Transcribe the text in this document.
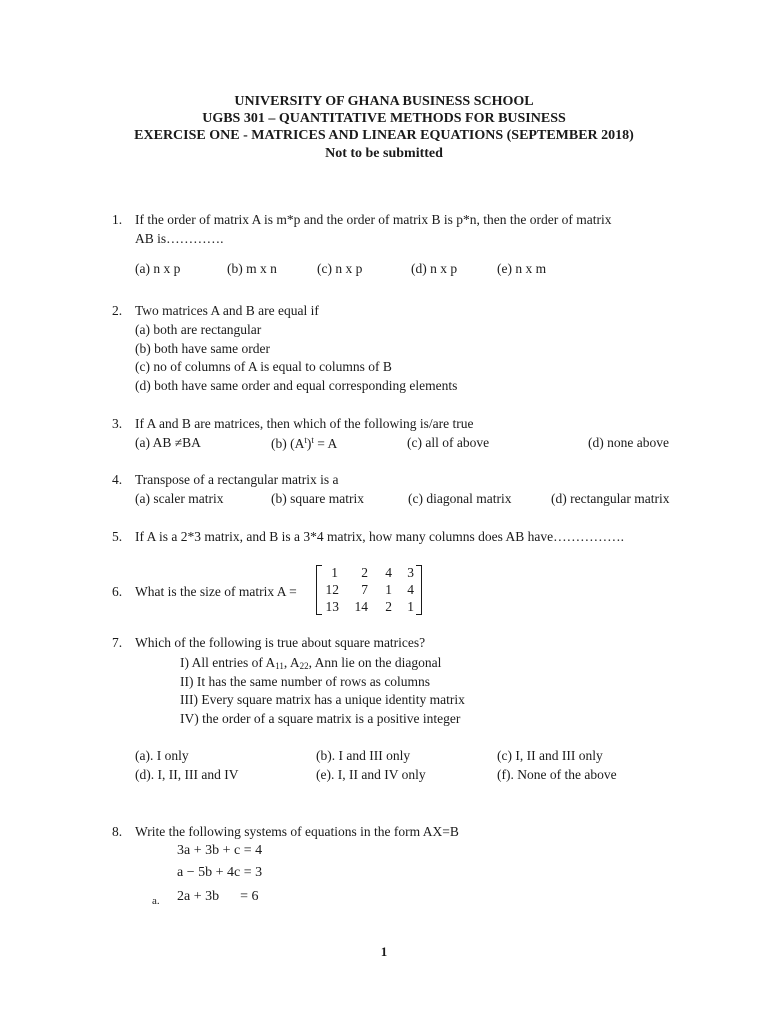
UNIVERSITY OF GHANA BUSINESS SCHOOL
UGBS 301 – QUANTITATIVE METHODS FOR BUSINESS
EXERCISE ONE - MATRICES AND LINEAR EQUATIONS (SEPTEMBER 2018)
Not to be submitted
1. If the order of matrix A is m*p and the order of matrix B is p*n, then the order of matrix
AB is………….
(a) n x p	(b) m x n	(c) n x p	(d) n x p	(e) n x m
2. Two matrices A and B are equal if
(a) both are rectangular
(b) both have same order
(c) no of columns of A is equal to columns of B
(d) both have same order and equal corresponding elements
3. If A and B are matrices, then which of the following is/are true
(a) AB ≠BA	(b) $(A^t)^t = A$	(c) all of above	(d) none above
4. Transpose of a rectangular matrix is a
(a) scaler matrix	(b) square matrix	(c) diagonal matrix	(d) rectangular matrix
5. If A is a 2*3 matrix, and B is a 3*4 matrix, how many columns does AB have…………….
6. What is the size of matrix A =
1	2	4	3
12	7	1	4
13	14	2	1
7. Which of the following is true about square matrices?
I) All entries of $A_{11}$, $A_{22}$, Ann lie on the diagonal
II) It has the same number of rows as columns
III) Every square matrix has a unique identity matrix
IV) the order of a square matrix is a positive integer
(a). I only	(b). I and III only	(c) I, II and III only
(d). I, II, III and IV	(e). I, II and IV only	(f). None of the above
8. Write the following systems of equations in the form AX=B
3a + 3b + c = 4
a − 5b + 4c = 3
a. 2a + 3b      = 6
1
